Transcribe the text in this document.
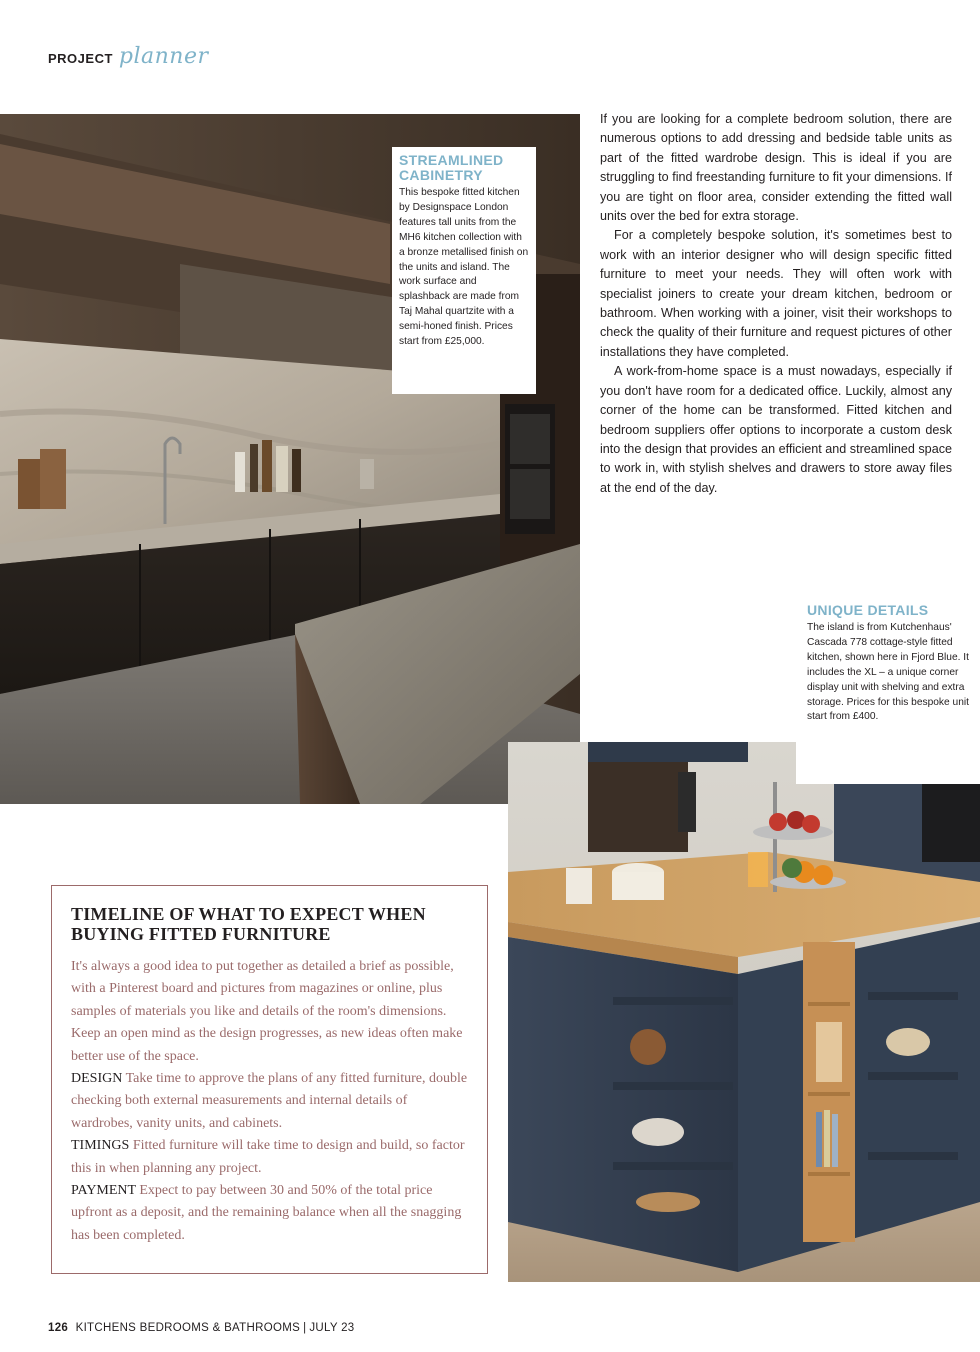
PROJECT planner
STREAMLINED CABINETRY

This bespoke fitted kitchen by Designspace London features tall units from the MH6 kitchen collection with a bronze metallised finish on the units and island. The work surface and splashback are made from Taj Mahal quartzite with a semi-honed finish. Prices start from £25,000.

If you are looking for a complete bedroom solution, there are numerous options to add dressing and bedside table units as part of the fitted wardrobe design. This is ideal if you are struggling to find freestanding furniture to fit your dimensions. If you are tight on floor area, consider extending the fitted wall units over the bed for extra storage.

For a completely bespoke solution, it's sometimes best to work with an interior designer who will design specific fitted furniture to meet your needs. They will often work with specialist joiners to create your dream kitchen, bedroom or bathroom. When working with a joiner, visit their workshops to check the quality of their furniture and request pictures of other installations they have completed.

A work-from-home space is a must nowadays, especially if you don't have room for a dedicated office. Luckily, almost any corner of the home can be transformed. Fitted kitchen and bedroom suppliers offer options to incorporate a custom desk into the design that provides an efficient and streamlined space to work in, with stylish shelves and drawers to store away files at the end of the day.

UNIQUE DETAILS

The island is from Kutchenhaus' Cascada 778 cottage-style fitted kitchen, shown here in Fjord Blue. It includes the XL – a unique corner display unit with shelving and extra storage. Prices for this bespoke unit start from £400.

TIMELINE OF WHAT TO EXPECT WHEN BUYING FITTED FURNITURE

It's always a good idea to put together as detailed a brief as possible, with a Pinterest board and pictures from magazines or online, plus samples of materials you like and details of the room's dimensions. Keep an open mind as the design progresses, as new ideas often make better use of the space.
DESIGN Take time to approve the plans of any fitted furniture, double checking both external measurements and internal details of wardrobes, vanity units, and cabinets.
TIMINGS Fitted furniture will take time to design and build, so factor this in when planning any project.
PAYMENT Expect to pay between 30 and 50% of the total price upfront as a deposit, and the remaining balance when all the snagging has been completed.

126 KITCHENS BEDROOMS & BATHROOMS | JULY 23
